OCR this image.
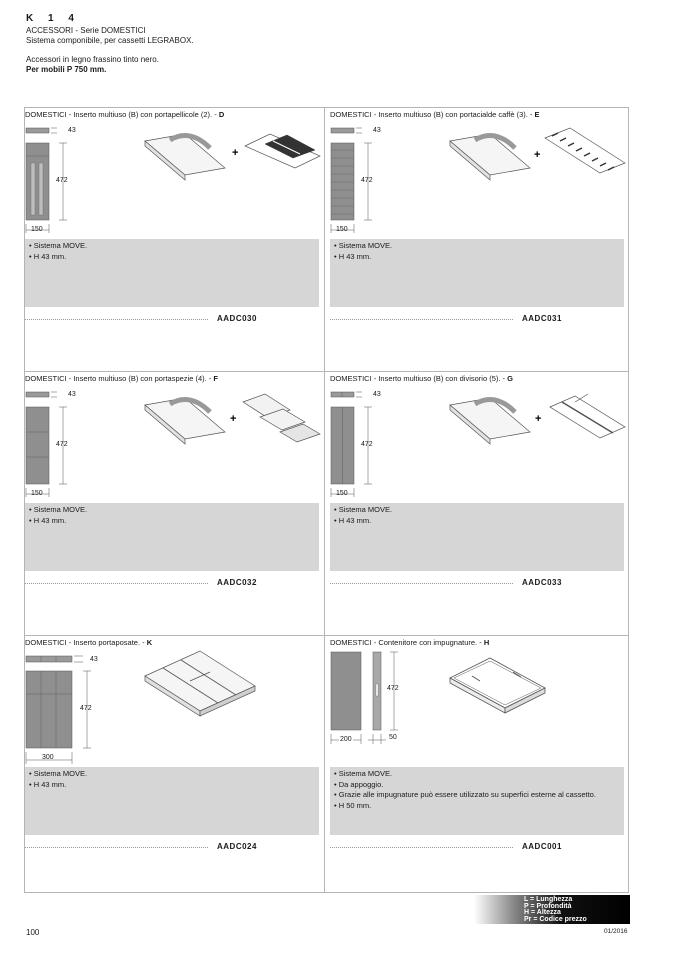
K 1 4
ACCESSORI - Serie DOMESTICI
Sistema componibile, per cassetti LEGRABOX.
Accessori in legno frassino tinto nero.
Per mobili P 750 mm.
DOMESTICI - Inserto multiuso (B) con portapellicole (2). - D
+
43
472
150
• Sistema MOVE.
• H 43 mm.
AADC030
DOMESTICI - Inserto multiuso (B) con portacialde caffè (3). - E
+
43
472
150
• Sistema MOVE.
• H 43 mm.
AADC031
DOMESTICI - Inserto multiuso (B) con portaspezie (4). - F
+
43
472
150
• Sistema MOVE.
• H 43 mm.
AADC032
DOMESTICI - Inserto multiuso (B) con divisorio (5). - G
+
43
472
150
• Sistema MOVE.
• H 43 mm.
AADC033
DOMESTICI - Inserto portaposate. - K
43
472
300
• Sistema MOVE.
• H 43 mm.
AADC024
DOMESTICI - Contenitore con impugnature. - H
472
200	50
• Sistema MOVE.
• Da appoggio.
• Grazie alle impugnature può essere utilizzato su superfici esterne al cassetto.
• H 50 mm.
AADC001
L = Lunghezza
P = Profondità
H = Altezza
Pr = Codice prezzo
100	01/2016
